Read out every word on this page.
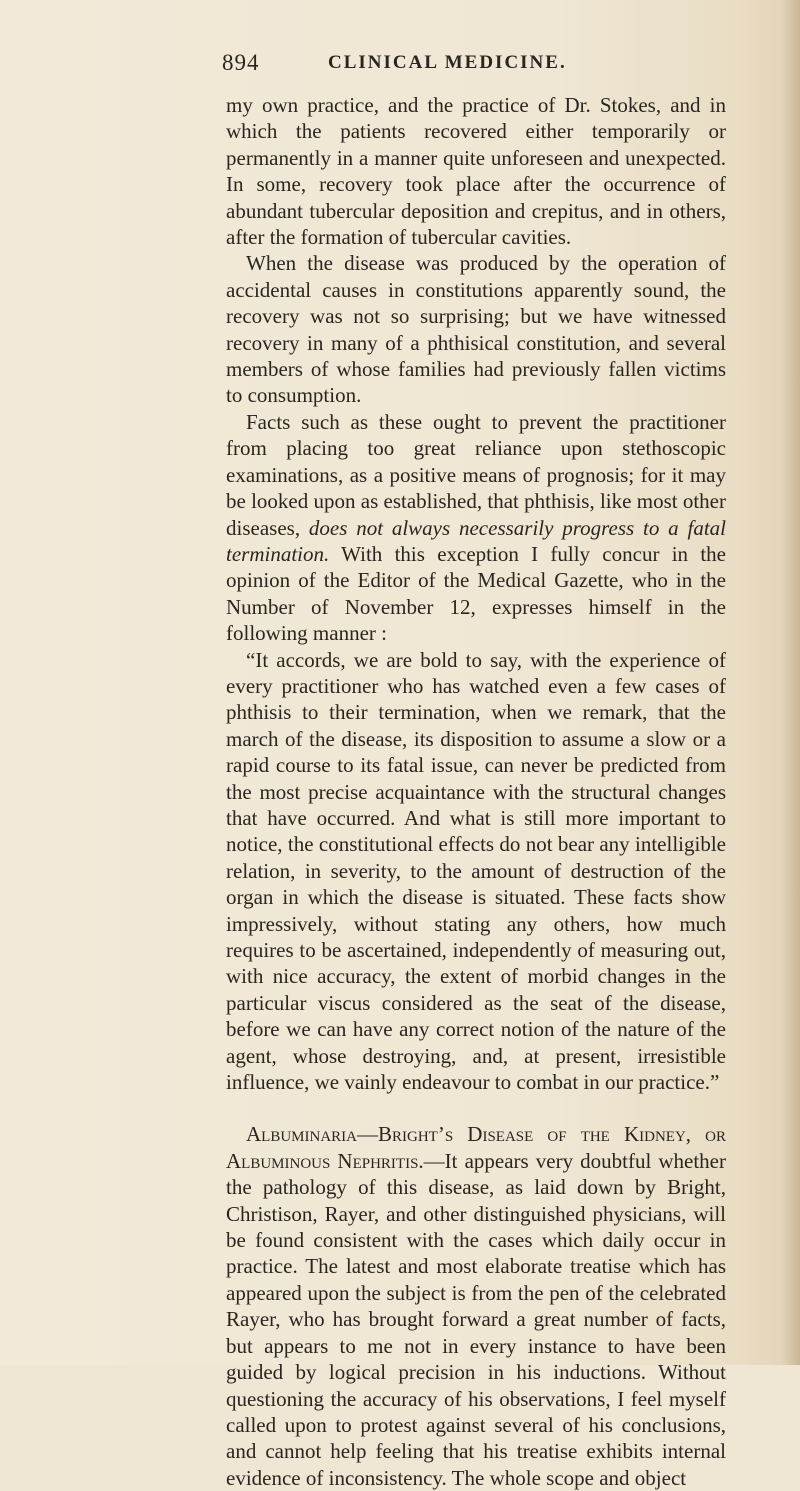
894	CLINICAL MEDICINE.

my own practice, and the practice of Dr. Stokes, and in which the patients recovered either temporarily or permanently in a manner quite unforeseen and unexpected. In some, recovery took place after the occurrence of abundant tubercular deposition and crepitus, and in others, after the formation of tubercular cavities.

When the disease was produced by the operation of accidental causes in constitutions apparently sound, the recovery was not so surprising; but we have witnessed recovery in many of a phthisical constitution, and several members of whose families had previously fallen victims to consumption.

Facts such as these ought to prevent the practitioner from placing too great reliance upon stethoscopic examinations, as a positive means of prognosis; for it may be looked upon as established, that phthisis, like most other diseases, does not always necessarily progress to a fatal termination. With this exception I fully concur in the opinion of the Editor of the Medical Gazette, who in the Number of November 12, expresses himself in the following manner :

“It accords, we are bold to say, with the experience of every practitioner who has watched even a few cases of phthisis to their termination, when we remark, that the march of the disease, its disposition to assume a slow or a rapid course to its fatal issue, can never be predicted from the most precise acquaintance with the structural changes that have occurred. And what is still more important to notice, the constitutional effects do not bear any intelligible relation, in severity, to the amount of destruction of the organ in which the disease is situated. These facts show impressively, without stating any others, how much requires to be ascertained, independently of measuring out, with nice accuracy, the extent of morbid changes in the particular viscus considered as the seat of the disease, before we can have any correct notion of the nature of the agent, whose destroying, and, at present, irresistible influence, we vainly endeavour to combat in our practice.”

Albuminaria—Bright’s Disease of the Kidney, or Albuminous Nephritis.—It appears very doubtful whether the pathology of this disease, as laid down by Bright, Christison, Rayer, and other distinguished physicians, will be found consistent with the cases which daily occur in practice. The latest and most elaborate treatise which has appeared upon the subject is from the pen of the celebrated Rayer, who has brought forward a great number of facts, but appears to me not in every instance to have been guided by logical precision in his inductions. Without questioning the accuracy of his observations, I feel myself called upon to protest against several of his conclusions, and cannot help feeling that his treatise exhibits internal evidence of inconsistency. The whole scope and object
